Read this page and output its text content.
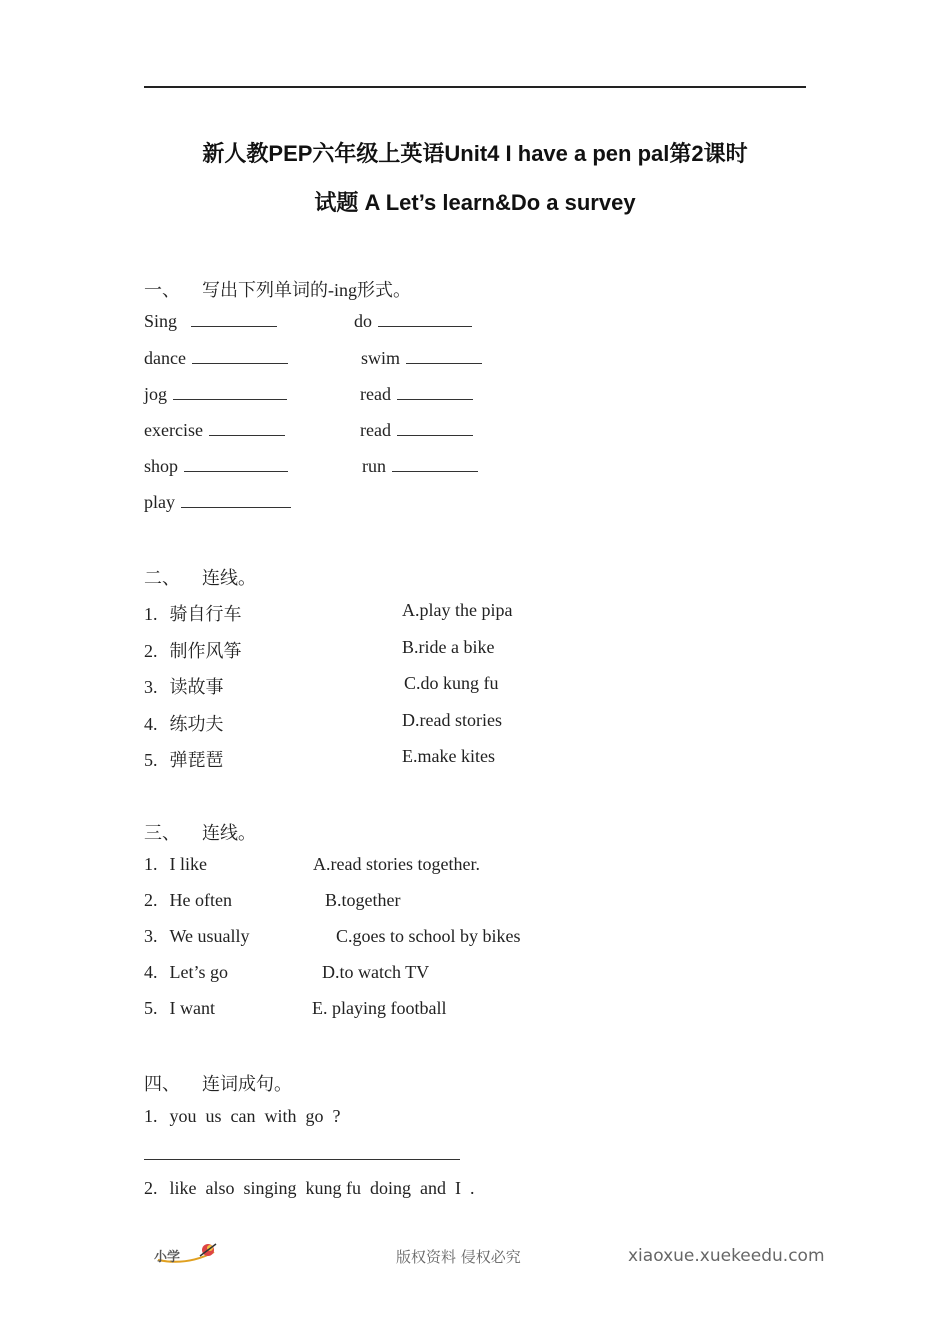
新人教PEP六年级上英语Unit4 I have a pen pal第2课时
试题 A Let’s learn&Do a survey
一、 写出下列单词的-ing形式。
Sing	do
dance	swim
jog	read
exercise	read
shop	run
play
二、 连线。
1. 骑自行车	A.play the pipa
2. 制作风筝	B.ride a bike
3. 读故事	C.do kung fu
4. 练功夫	D.read stories
5. 弹琵琶	E.make kites
三、 连线。
1. I like	A.read stories together.
2. He often	B.together
3. We usually	C.goes to school by bikes
4. Let’s go	D.to watch TV
5. I want	E. playing football
四、 连词成句。
1. you  us  can  with  go  ?
2. like  also  singing  kung fu  doing  and  I  .
小学	版权资料 侵权必究	xiaoxue.xuekeedu.com
